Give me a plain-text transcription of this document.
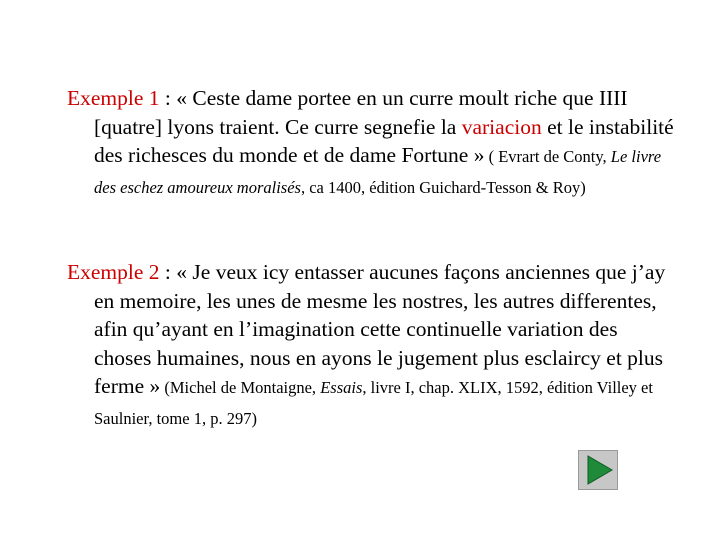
Exemple 1 : « Ceste dame portee en un curre moult riche que IIII [quatre] lyons traient. Ce curre segnefie la variacion et le instabilité des richesces du monde et de dame Fortune » ( Evrart de Conty, Le livre des eschez amoureux moralisés, ca 1400, édition Guichard-Tesson & Roy)
Exemple 2 : « Je veux icy entasser aucunes façons anciennes que j’ay en memoire, les unes de mesme les nostres, les autres differentes, afin qu’ayant en l’imagination cette continuelle variation des choses humaines, nous en ayons le jugement plus esclaircy et plus ferme » (Michel de Montaigne, Essais, livre I, chap. XLIX, 1592, édition Villey et Saulnier, tome 1, p. 297)
